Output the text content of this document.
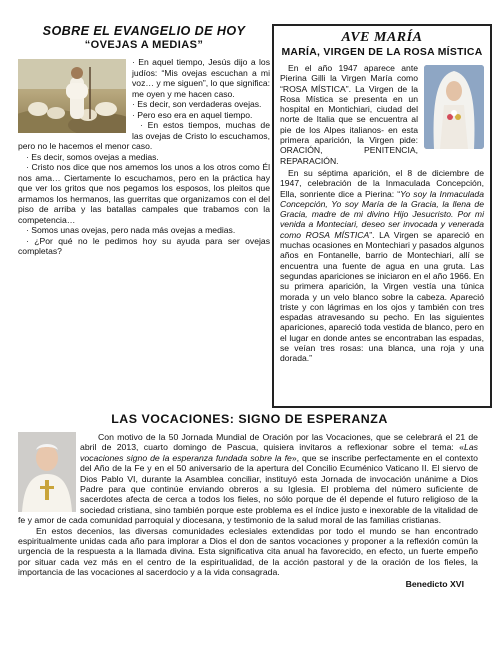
SOBRE EL EVANGELIO DE HOY
“OVEJAS A MEDIAS”

· En aquel tiempo, Jesús dijo a los judíos: “Mis ovejas escuchan a mi voz… y me siguen”, lo que significa: me oyen y me hacen caso.

· Es decir, son verdaderas ovejas.

· Pero eso era en aquel tiempo.

· En estos tiempos, muchas de las ovejas de Cristo lo escuchamos, pero no le hacemos el menor caso.

· Es decir, somos ovejas a medias.

· Cristo nos dice que nos amemos los unos a los otros como Él nos ama… Ciertamente lo escuchamos, pero en la práctica hay que ver los gritos que nos pegamos los esposos, los pleitos que armamos los hermanos, las guerritas que organizamos con el del piso de arriba y las batallas campales que trabamos con la competencia…

· Somos unas ovejas, pero nada más ovejas a medias.

· ¿Por qué no le pedimos hoy su ayuda para ser ovejas completas?

AVE MARÍA
MARÍA, VIRGEN DE LA ROSA MÍSTICA

En el año 1947 aparece ante Pierina Gilli la Virgen María como “ROSA MÍSTICA”. La Virgen de la Rosa Mística se presenta en un hospital en Montichiari, ciudad del norte de Italia que se encuentra al pie de los Alpes italianos- en esta primera aparición, la Virgen pide: ORACIÓN, PENITENCIA, REPARACIÓN.

En su séptima aparición, el 8 de diciembre de 1947, celebración de la Inmaculada Concepción, Ella, sonriente dice a Pierina: “Yo soy la Inmaculada Concepción, Yo soy María de la Gracia, la llena de Gracia, madre de mi divino Hijo Jesucristo. Por mi venida a Monteciari, deseo ser invocada y venerada como ROSA MÍSTICA”. LA Virgen se apareció en muchas ocasiones en Montechiari y pasados algunos años en Fontanelle, barrio de Montechiari, allí se encuentra una fuente de agua en una gruta. Las segundas apariciones se iniciaron en el año 1966. En su primera aparición, la Virgen vestía una túnica morada y un velo blanco sobre la cabeza. Apareció triste y con lágrimas en los ojos y también con tres espadas atravesando su pecho. En las siguientes apariciones, apareció toda vestida de blanco, pero en el lugar en donde antes se encontraban las espadas, se veían tres rosas: una blanca, una roja y una dorada.”

LAS VOCACIONES: SIGNO DE ESPERANZA

Con motivo de la 50 Jornada Mundial de Oración por las Vocaciones, que se celebrará el 21 de abril de 2013, cuarto domingo de Pascua, quisiera invitaros a reflexionar sobre el tema: «Las vocaciones signo de la esperanza fundada sobre la fe», que se inscribe perfectamente en el contexto del Año de la Fe y en el 50 aniversario de la apertura del Concilio Ecuménico Vaticano II. El siervo de Dios Pablo VI, durante la Asamblea conciliar, instituyó esta Jornada de invocación unánime a Dios Padre para que continúe enviando obreros a su Iglesia. El problema del número suficiente de sacerdotes afecta de cerca a todos los fieles, no sólo porque de él depende el futuro religioso de la sociedad cristiana, sino también porque este problema es el índice justo e inexorable de la vitalidad de fe y amor de cada comunidad parroquial y diocesana, y testimonio de la salud moral de las familias cristianas.

En estos decenios, las diversas comunidades eclesiales extendidas por todo el mundo se han encontrado espiritualmente unidas cada año para implorar a Dios el don de santos vocaciones y proponer a la reflexión común la urgencia de la respuesta a la llamada divina. Esta significativa cita anual ha favorecido, en efecto, un fuerte empeño por situar cada vez más en el centro de la espiritualidad, de la acción pastoral y de la oración de los fieles, la importancia de las vocaciones al sacerdocio y a la vida consagrada.

Benedicto XVI
